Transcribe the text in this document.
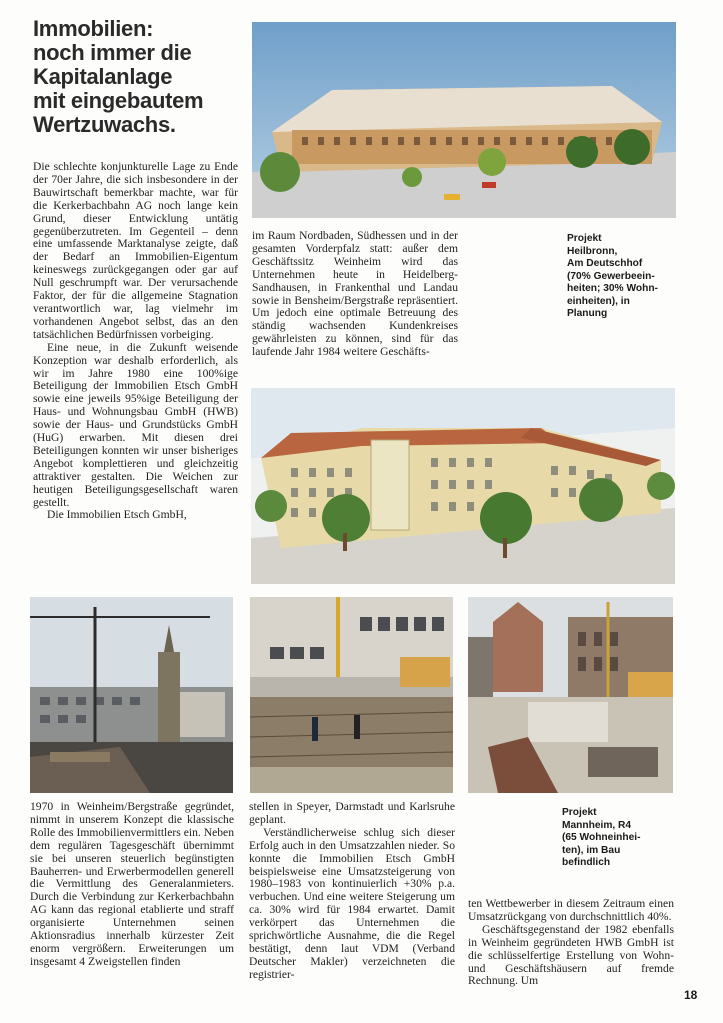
Immobilien:
noch immer die
Kapitalanlage
mit eingebautem
Wertzuwachs.

Die schlechte konjunkturelle Lage zu Ende der 70er Jahre, die sich insbesondere in der Bauwirtschaft bemerkbar machte, war für die Kerkerbachbahn AG noch lange kein Grund, dieser Entwicklung untätig gegenüberzutreten. Im Gegenteil – denn eine umfassende Marktanalyse zeigte, daß der Bedarf an Immobilien-Eigentum keineswegs zurückgegangen oder gar auf Null geschrumpft war. Der verursachende Faktor, der für die allgemeine Stagnation verantwortlich war, lag vielmehr im vorhandenen Angebot selbst, das an den tatsächlichen Bedürfnissen vorbeiging.

Eine neue, in die Zukunft weisende Konzeption war deshalb erforderlich, als wir im Jahre 1980 eine 100%ige Beteiligung der Immobilien Etsch GmbH sowie eine jeweils 95%ige Beteiligung der Haus- und Wohnungsbau GmbH (HWB) sowie der Haus- und Grundstücks GmbH (HuG) erwarben. Mit diesen drei Beteiligungen konnten wir unser bisheriges Angebot komplettieren und gleichzeitig attraktiver gestalten. Die Weichen zur heutigen Beteiligungsgesellschaft waren gestellt.

Die Immobilien Etsch GmbH,

im Raum Nordbaden, Südhessen und in der gesamten Vorderpfalz statt: außer dem Geschäftssitz Weinheim wird das Unternehmen heute in Heidelberg-Sandhausen, in Frankenthal und Landau sowie in Bensheim/Bergstraße repräsentiert. Um jedoch eine optimale Betreuung des ständig wachsenden Kundenkreises gewährleisten zu können, sind für das laufende Jahr 1984 weitere Geschäfts-

Projekt
Heilbronn,
Am Deutschhof
(70% Gewerbeein-
heiten; 30% Wohn-
einheiten), in
Planung

1970 in Weinheim/Bergstraße gegründet, nimmt in unserem Konzept die klassische Rolle des Immobilienvermittlers ein. Neben dem regulären Tagesgeschäft übernimmt sie bei unseren steuerlich begünstigten Bauherren- und Erwerbermodellen generell die Vermittlung des Generalanmieters. Durch die Verbindung zur Kerkerbachbahn AG kann das regional etablierte und straff organisierte Unternehmen seinen Aktionsradius innerhalb kürzester Zeit enorm vergrößern. Erweiterungen um insgesamt 4 Zweigstellen finden

stellen in Speyer, Darmstadt und Karlsruhe geplant.

Verständlicherweise schlug sich dieser Erfolg auch in den Umsatzzahlen nieder. So konnte die Immobilien Etsch GmbH beispielsweise eine Umsatzsteigerung von 1980–1983 von kontinuierlich +30% p.a. verbuchen. Und eine weitere Steigerung um ca. 30% wird für 1984 erwartet. Damit verkörpert das Unternehmen die sprichwörtliche Ausnahme, die die Regel bestätigt, denn laut VDM (Verband Deutscher Makler) verzeichneten die registrier-

Projekt
Mannheim, R4
(65 Wohneinhei-
ten), im Bau
befindlich

ten Wettbewerber in diesem Zeitraum einen Umsatzrückgang von durchschnittlich 40%.

Geschäftsgegenstand der 1982 ebenfalls in Weinheim gegründeten HWB GmbH ist die schlüsselfertige Erstellung von Wohn- und Geschäftshäusern auf fremde Rechnung. Um

18
